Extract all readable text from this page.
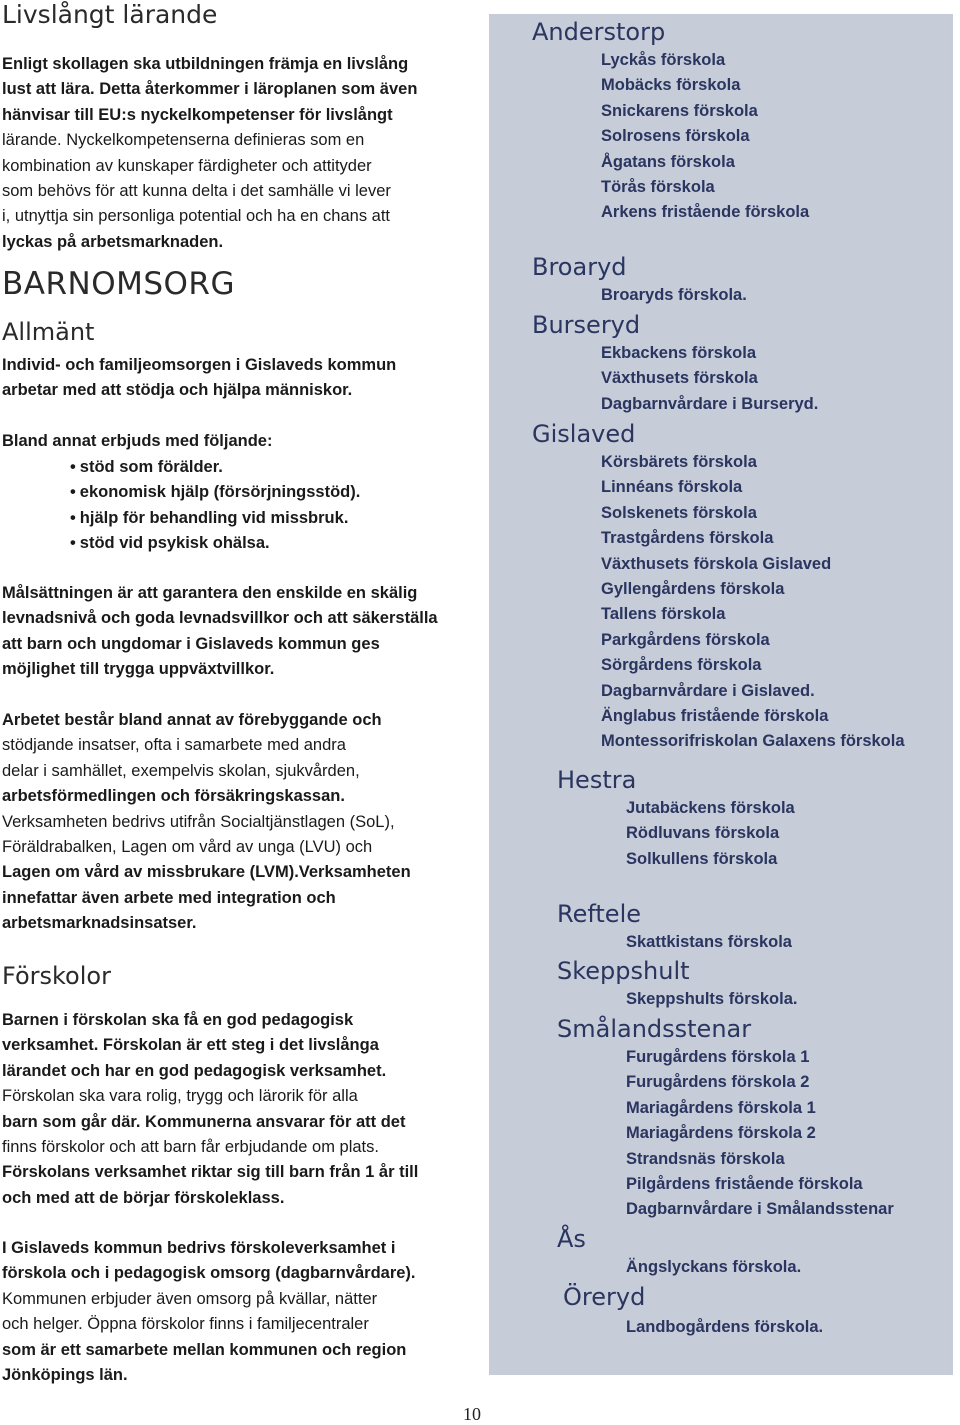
Livslångt lärande
Enligt skollagen ska utbildningen främja en livslång
lust att lära. Detta återkommer i läroplanen som även
hänvisar till EU:s nyckelkompetenser för livslångt
lärande. Nyckelkompetenserna definieras som en
kombination av kunskaper färdigheter och attityder
som behövs för att kunna delta i det samhälle vi lever
i, utnyttja sin personliga potential och ha en chans att
lyckas på arbetsmarknaden.
BARNOMSORG
Allmänt
Individ- och familjeomsorgen i Gislaveds kommun
arbetar med att stödja och hjälpa människor.
Bland annat erbjuds med följande:
• stöd som förälder.
• ekonomisk hjälp (försörjningsstöd).
• hjälp för behandling vid missbruk.
• stöd vid psykisk ohälsa.
Målsättningen är att garantera den enskilde en skälig
levnadsnivå och goda levnadsvillkor och att säkerställa
att barn och ungdomar i Gislaveds kommun ges
möjlighet till trygga uppväxtvillkor.
Arbetet består bland annat av förebyggande och
stödjande insatser, ofta i samarbete med andra
delar i samhället, exempelvis skolan, sjukvården,
arbetsförmedlingen och försäkringskassan.
Verksamheten bedrivs utifrån Socialtjänstlagen (SoL),
Föräldrabalken, Lagen om vård av unga (LVU) och
Lagen om vård av missbrukare (LVM).Verksamheten
innefattar även arbete med integration och
arbetsmarknadsinsatser.
Förskolor
Barnen i förskolan ska få en god pedagogisk
verksamhet. Förskolan är ett steg i det livslånga
lärandet och har en god pedagogisk verksamhet.
Förskolan ska vara rolig, trygg och lärorik för alla
barn som går där. Kommunerna ansvarar för att det
finns förskolor och att barn får erbjudande om plats.
Förskolans verksamhet riktar sig till barn från 1 år till
och med att de börjar förskoleklass.
I Gislaveds kommun bedrivs förskoleverksamhet i
förskola och i pedagogisk omsorg (dagbarnvårdare).
Kommunen erbjuder även omsorg på kvällar, nätter
och helger. Öppna förskolor finns i familjecentraler
som är ett samarbete mellan kommunen och region
Jönköpings län.
Anderstorp
Lyckås förskola
Mobäcks förskola
Snickarens förskola
Solrosens förskola
Ågatans förskola
Törås förskola
Arkens fristående förskola
Broaryd
Broaryds förskola.
Burseryd
Ekbackens förskola
Växthusets förskola
Dagbarnvårdare i Burseryd.
Gislaved
Körsbärets förskola
Linnéans förskola
Solskenets förskola
Trastgårdens förskola
Växthusets förskola Gislaved
Gyllengårdens förskola
Tallens förskola
Parkgårdens förskola
Sörgårdens förskola
Dagbarnvårdare i Gislaved.
Änglabus fristående förskola
Montessorifriskolan Galaxens förskola
Hestra
Jutabäckens förskola
Rödluvans förskola
Solkullens förskola
Reftele
Skattkistans förskola
Skeppshult
Skeppshults förskola.
Smålandsstenar
Furugårdens förskola 1
Furugårdens förskola 2
Mariagårdens förskola 1
Mariagårdens förskola 2
Strandsnäs förskola
Pilgårdens fristående förskola
Dagbarnvårdare i Smålandsstenar
Ås
Ängslyckans förskola.
Öreryd
Landbogårdens förskola.
10
